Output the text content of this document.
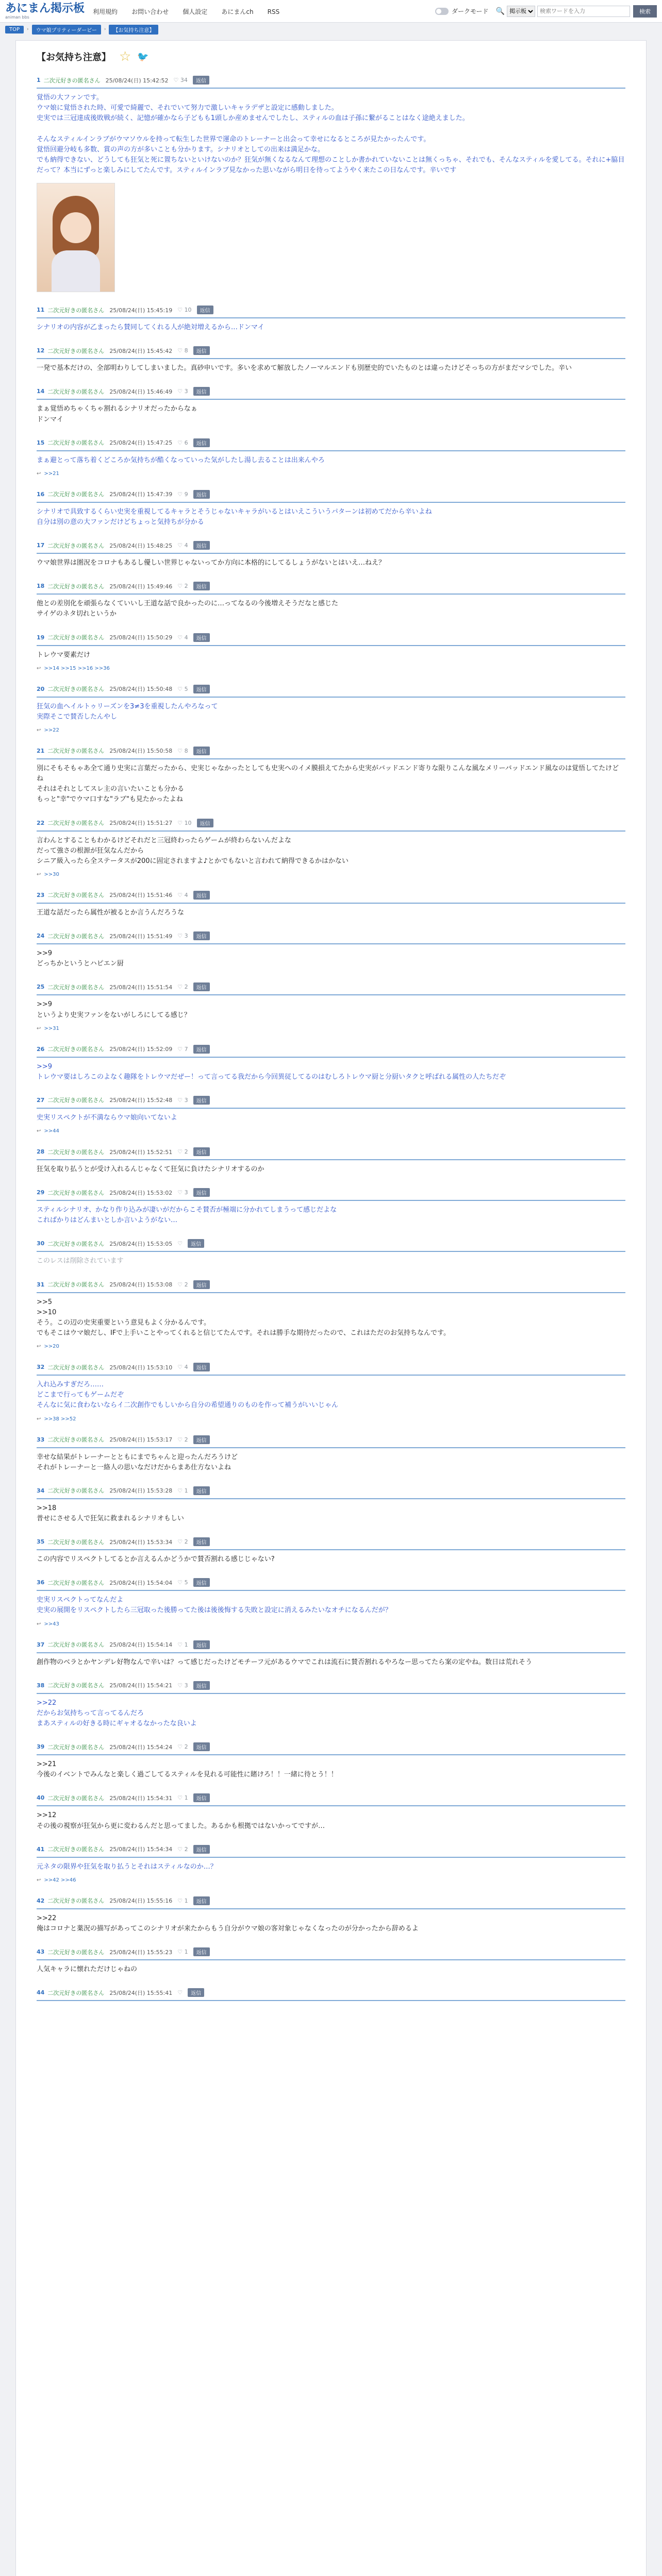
あにまん掲示板
animan bbs
利用規約 お問い合わせ 個人設定 あにまんch RSS	ダークモード 🔍
掲示板
検索ワードを入力	検索
TOP	›	ウマ娘プリティーダービー	›	【お気持ち注意】
【お気持ち注意】 ☆ 🐦
1 二次元好きの匿名さん 25/08/24(日) 15:42:52 ♡ 34	返信
覚悟の大ファンです。
ウマ娘に覚悟された時、可愛で綺麗で、それでいて努力で激しいキャラデザと設定に感動しました。
史実では三冠達成後敗戦が続く、記憶が確かなら子どもも1頭しか産めませんでしたし、スティルの血は子孫に繋がることはなく途絶えました。

そんなスティルインラブがウマソウルを持って転生した世界で運命のトレーナーと出会って幸せになるところが見たかったんです。
覚悟回避分岐も多数、賞の声の方が多いことも分かります。シナリオとしての出来は満足かな。
でも納得できない、どうしても狂気と死に置ちないといけないのか？狂気が無くなるなんて理想のことしか書かれていないことは無くっちゃ、それでも、そんなスティルを愛してる。それに+脇目だって？本当にずっと楽しみにしてたんです。スティルインラブ見なかった思いながら明日を待ってようやく来たこの日なんです。辛いです
11 二次元好きの匿名さん 25/08/24(日) 15:45:19 ♡ 10	返信
シナリオの内容が乙まったら賛同してくれる人が絶対増えるから…ドンマイ
12 二次元好きの匿名さん 25/08/24(日) 15:45:42 ♡ 8	返信
一発で基本だけの、全部明わりしてしまいました。真砂申いです。多いを求めて解放したノーマルエンドも別歴史的でいたものとは違ったけどそっちの方がまだマシでした。辛い
14 二次元好きの匿名さん 25/08/24(日) 15:46:49 ♡ 3	返信
まぁ覚悟めちゃくちゃ割れるシナリオだったからなぁ
ドンマイ
15 二次元好きの匿名さん 25/08/24(日) 15:47:25 ♡ 6	返信
まぁ避とって落ち着くどころか気持ちが酷くなっていった気がしたし湯し去ることは出来んやろ
↩ >>21
16 二次元好きの匿名さん 25/08/24(日) 15:47:39 ♡ 9	返信
シナリオで具致するくらい史実を重視してるキャラとそうじゃないキャラがいるとはいえこういうパターンは初めてだから辛いよね
自分は別の意の大ファンだけどちょっと気持ちが分かる
17 二次元好きの匿名さん 25/08/24(日) 15:48:25 ♡ 4	返信
ウマ娘世界は圏況をコロナもあるし優しい世界じゃないってか方向に本格的にしてるしょうがないとはいえ…ねえ？
18 二次元好きの匿名さん 25/08/24(日) 15:49:46 ♡ 2	返信
他との差別化を頑張らなくていいし王道な話で良かったのに…ってなるの今後増えそうだなと感じた
サイゲのネタ切れというか
19 二次元好きの匿名さん 25/08/24(日) 15:50:29 ♡ 4	返信
トレウマ要素だけ
↩ >>14 >>15 >>16 >>36
20 二次元好きの匿名さん 25/08/24(日) 15:50:48 ♡ 5	返信
狂気の血へイルトゥリーズンを3≠3を重視したんやろなって
実際そこで賛否したんやし
↩ >>22
21 二次元好きの匿名さん 25/08/24(日) 15:50:58 ♡ 8	返信
別にそもそもゃあ全て通り史実に言葉だったから、史実じゃなかったとしても史実へのイメ膜損えてたから史実がバッドエンド寄りな限りこんな風なメリーバッドエンド風なのは覚悟してたけどね
それはそれとしてスレ主の言いたいことも分かる
もっと"幸"でウマ口すな"ラブ"も見たかったよね
22 二次元好きの匿名さん 25/08/24(日) 15:51:27 ♡ 10	返信
言わんとすることもわかるけどそれだと三冠終わったらゲームが終わらないんだよな
だって強さの根源が狂気なんだから
シニア級入ったら全ステータスが200に固定されますよ♪とかでもないと言われて納得できるかはかない
↩ >>30
23 二次元好きの匿名さん 25/08/24(日) 15:51:46 ♡ 4	返信
王道な話だったら属性が被るとか言うんだろうな
24 二次元好きの匿名さん 25/08/24(日) 15:51:49 ♡ 3	返信
>>9
どっちかというとハピエン厨
25 二次元好きの匿名さん 25/08/24(日) 15:51:54 ♡ 2	返信
>>9
というより史実ファンをないがしろにしてる感じ？
↩ >>31
26 二次元好きの匿名さん 25/08/24(日) 15:52:09 ♡ 7	返信
>>9
トレウマ要はしろこのよなく趣隊をトレウマだぜー！って言ってる我だから今回異従してるのはむしろトレウマ厨と分厨いタクと呼ばれる属性の人たちだぞ
27 二次元好きの匿名さん 25/08/24(日) 15:52:48 ♡ 3	返信
史実リスペクトが不満ならウマ娘向いてないよ
↩ >>44
28 二次元好きの匿名さん 25/08/24(日) 15:52:51 ♡ 2	返信
狂気を取り払うとが受け入れるんじゃなくて狂気に負けたシナリオするのか
29 二次元好きの匿名さん 25/08/24(日) 15:53:02 ♡ 3	返信
スティルシナリオ、かなり作り込みが凄いがだからこそ賛否が極端に分かれてしまうって感じだよな
こればかりはどんまいとしか言いようがない…
30 二次元好きの匿名さん 25/08/24(日) 15:53:05 ♡	返信
このレスは削除されています
31 二次元好きの匿名さん 25/08/24(日) 15:53:08 ♡ 2	返信
>>5
>>10
そう。この辺の史実重要という意見もよく分かるんです。
でもそこはウマ娘だし、IFで上手いことやってくれると信じてたんです。それは勝手な期待だったので、これはただのお気持ちなんです。
↩ >>20
32 二次元好きの匿名さん 25/08/24(日) 15:53:10 ♡ 4	返信
入れ込みすぎだろ……
どこまで行ってもゲームだぞ
そんなに気に食わないならイ二次創作でもしいから自分の希望通りのものを作って補うがいいじゃん
↩ >>38 >>52
33 二次元好きの匿名さん 25/08/24(日) 15:53:17 ♡ 2	返信
幸せな結果がトレーナーとともにまでちゃんと迎ったんだろうけど
それがトレーナーと一絡人の思いなだけだからまあ仕方ないよね
34 二次元好きの匿名さん 25/08/24(日) 15:53:28 ♡ 1	返信
>>18
普せにさせる人で狂気に救まれるシナリオもしい
35 二次元好きの匿名さん 25/08/24(日) 15:53:34 ♡ 2	返信
この内容でリスペクトしてるとか言えるんかどうかで賛否割れる感じじゃない?
36 二次元好きの匿名さん 25/08/24(日) 15:54:04 ♡ 5	返信
史実リスペクトってなんだよ
史実の展開をリスペクトしたら三冠取った後勝ってた後は後後悔する失敗と設定に消えるみたいなオチになるんだが？
↩ >>43
37 二次元好きの匿名さん 25/08/24(日) 15:54:14 ♡ 1	返信
創作物のベラとかヤンデレ好物なんで辛いは？って感じだったけどモチーフ元があるウマでこれは流石に賛否割れるやろなー思ってたら案の定やね。数日は荒れそう
38 二次元好きの匿名さん 25/08/24(日) 15:54:21 ♡ 3	返信
>>22
だからお気持ちって言ってるんだろ
まあスティルの好きる時にギャオるなかったな良いよ
39 二次元好きの匿名さん 25/08/24(日) 15:54:24 ♡ 2	返信
>>21
今後のイベントでみんなと楽しく過ごしてるスティルを見れる可能性に賭けろ！！一緒に待とう！！
40 二次元好きの匿名さん 25/08/24(日) 15:54:31 ♡ 1	返信
>>12
その後の視察が狂気から更に変わるんだと思ってました。あるかも根拠ではないかってですが…
41 二次元好きの匿名さん 25/08/24(日) 15:54:34 ♡ 2	返信
元ネタの限界や狂気を取り払うとそれはスティルなのか…？
↩ >>42 >>46
42 二次元好きの匿名さん 25/08/24(日) 15:55:16 ♡ 1	返信
>>22
俺はコロナと薬況の描写があってこのシナリオが来たからもう自分がウマ娘の客対象じゃなくなったのが分かったから辞めるよ
43 二次元好きの匿名さん 25/08/24(日) 15:55:23 ♡ 1	返信
人気キャラに懐れただけじゃねの
44 二次元好きの匿名さん 25/08/24(日) 15:55:41 ♡	返信
